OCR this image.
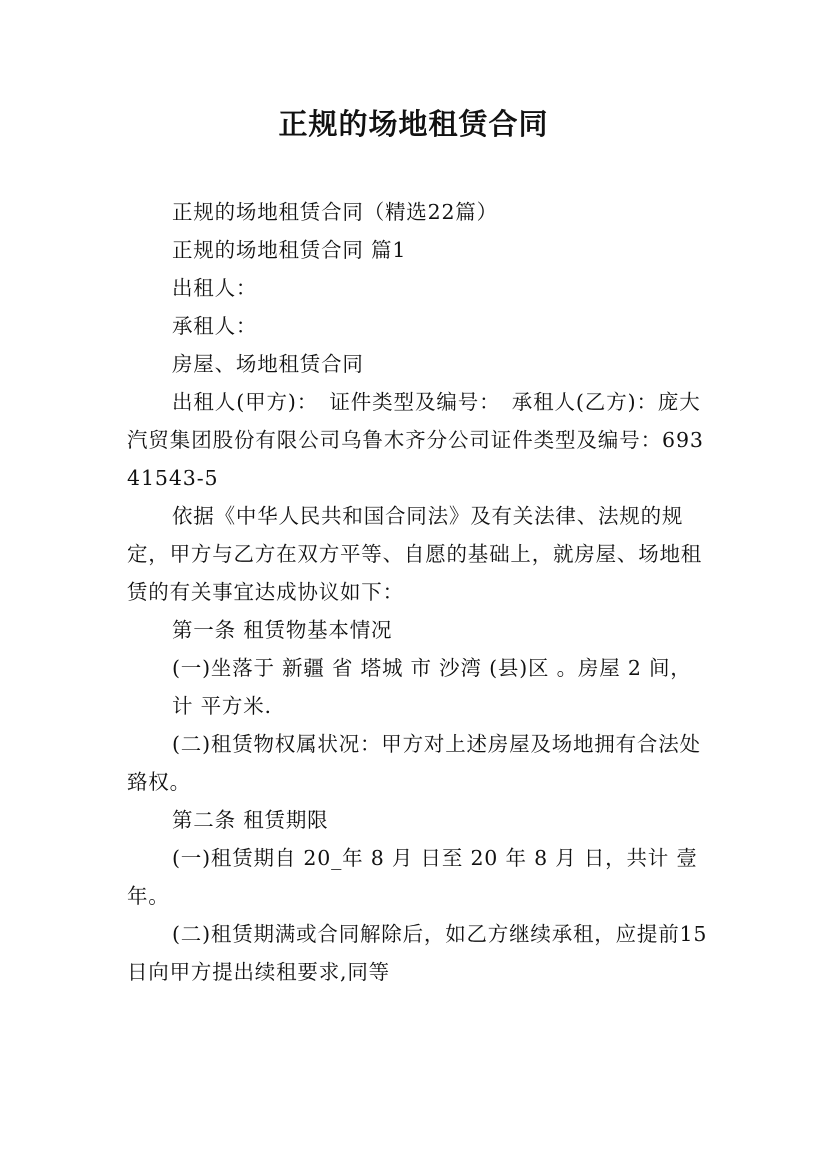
正规的场地租赁合同

正规的场地租赁合同（精选22篇）

正规的场地租赁合同 篇1

出租人：

承租人：

房屋、场地租赁合同

出租人(甲方)：　证件类型及编号：　承租人(乙方)：庞大汽贸集团股份有限公司乌鲁木齐分公司证件类型及编号：69341543-5

依据《中华人民共和国合同法》及有关法律、法规的规定，甲方与乙方在双方平等、自愿的基础上，就房屋、场地租赁的有关事宜达成协议如下：

第一条 租赁物基本情况

(一)坐落于 新疆 省 塔城 市 沙湾 (县)区 。房屋 2 间，

计 平方米.

(二)租赁物权属状况：甲方对上述房屋及场地拥有合法处臵权。

第二条 租赁期限

(一)租赁期自 20_年 8 月 日至 20 年 8 月 日，共计 壹 年。

(二)租赁期满或合同解除后，如乙方继续承租，应提前15 日向甲方提出续租要求,同等
